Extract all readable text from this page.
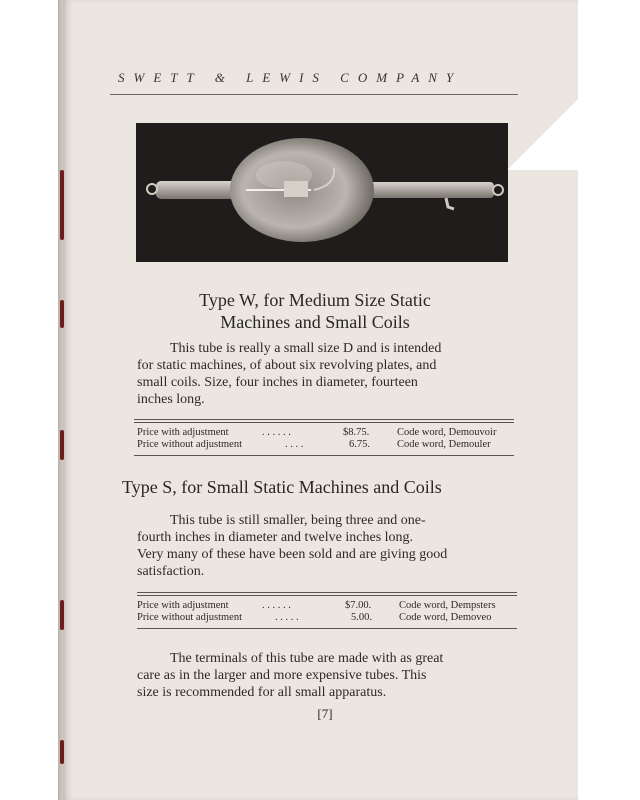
SWETT & LEWIS COMPANY
Type W, for Medium Size Static
Machines and Small Coils
This tube is really a small size D and is intended
for static machines, of about six revolving plates, and
small coils. Size, four inches in diameter, fourteen
inches long.
Price with adjustment	. . . . . .	$8.75.	Code word, Demouvoir
Price without adjustment	. . . .	6.75.	Code word, Demouler
Type S, for Small Static Machines and Coils
This tube is still smaller, being three and one-
fourth inches in diameter and twelve inches long.
Very many of these have been sold and are giving good
satisfaction.
Price with adjustment	. . . . . .	$7.00.	Code word, Dempsters
Price without adjustment	. . . . .	5.00.	Code word, Demoveo
The terminals of this tube are made with as great
care as in the larger and more expensive tubes. This
size is recommended for all small apparatus.
[7]
